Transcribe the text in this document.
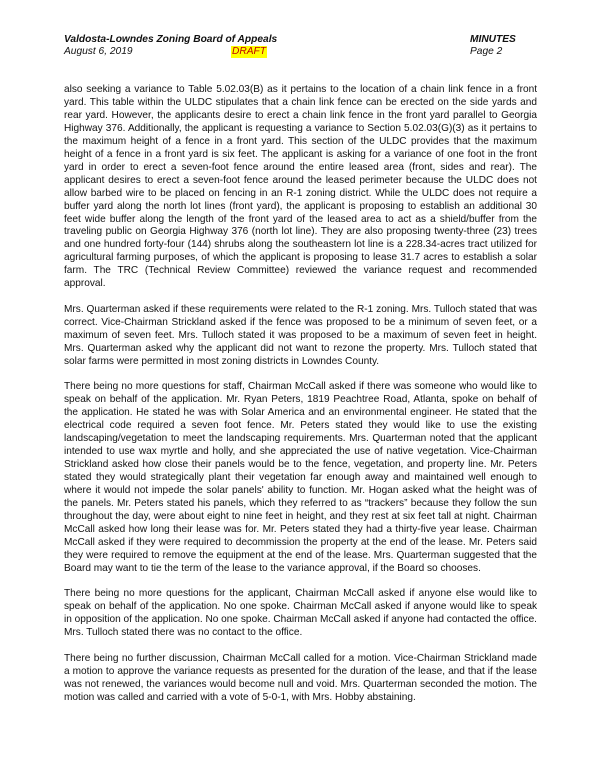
Valdosta-Lowndes Zoning Board of Appeals	MINUTES
August 6, 2019	DRAFT	Page 2

also seeking a variance to Table 5.02.03(B) as it pertains to the location of a chain link fence in a front yard. This table within the ULDC stipulates that a chain link fence can be erected on the side yards and rear yard. However, the applicants desire to erect a chain link fence in the front yard parallel to Georgia Highway 376. Additionally, the applicant is requesting a variance to Section 5.02.03(G)(3) as it pertains to the maximum height of a fence in a front yard. This section of the ULDC provides that the maximum height of a fence in a front yard is six feet. The applicant is asking for a variance of one foot in the front yard in order to erect a seven-foot fence around the entire leased area (front, sides and rear). The applicant desires to erect a seven-foot fence around the leased perimeter because the ULDC does not allow barbed wire to be placed on fencing in an R-1 zoning district. While the ULDC does not require a buffer yard along the north lot lines (front yard), the applicant is proposing to establish an additional 30 feet wide buffer along the length of the front yard of the leased area to act as a shield/buffer from the traveling public on Georgia Highway 376 (north lot line). They are also proposing twenty-three (23) trees and one hundred forty-four (144) shrubs along the southeastern lot line is a 228.34-acres tract utilized for agricultural farming purposes, of which the applicant is proposing to lease 31.7 acres to establish a solar farm. The TRC (Technical Review Committee) reviewed the variance request and recommended approval.

Mrs. Quarterman asked if these requirements were related to the R-1 zoning. Mrs. Tulloch stated that was correct. Vice-Chairman Strickland asked if the fence was proposed to be a minimum of seven feet, or a maximum of seven feet. Mrs. Tulloch stated it was proposed to be a maximum of seven feet in height. Mrs. Quarterman asked why the applicant did not want to rezone the property. Mrs. Tulloch stated that solar farms were permitted in most zoning districts in Lowndes County.

There being no more questions for staff, Chairman McCall asked if there was someone who would like to speak on behalf of the application. Mr. Ryan Peters, 1819 Peachtree Road, Atlanta, spoke on behalf of the application. He stated he was with Solar America and an environmental engineer. He stated that the electrical code required a seven foot fence. Mr. Peters stated they would like to use the existing landscaping/vegetation to meet the landscaping requirements. Mrs. Quarterman noted that the applicant intended to use wax myrtle and holly, and she appreciated the use of native vegetation. Vice-Chairman Strickland asked how close their panels would be to the fence, vegetation, and property line. Mr. Peters stated they would strategically plant their vegetation far enough away and maintained well enough to where it would not impede the solar panels' ability to function. Mr. Hogan asked what the height was of the panels. Mr. Peters stated his panels, which they referred to as “trackers” because they follow the sun throughout the day, were about eight to nine feet in height, and they rest at six feet tall at night. Chairman McCall asked how long their lease was for. Mr. Peters stated they had a thirty-five year lease. Chairman McCall asked if they were required to decommission the property at the end of the lease. Mr. Peters said they were required to remove the equipment at the end of the lease. Mrs. Quarterman suggested that the Board may want to tie the term of the lease to the variance approval, if the Board so chooses.

There being no more questions for the applicant, Chairman McCall asked if anyone else would like to speak on behalf of the application. No one spoke. Chairman McCall asked if anyone would like to speak in opposition of the application. No one spoke. Chairman McCall asked if anyone had contacted the office. Mrs. Tulloch stated there was no contact to the office.

There being no further discussion, Chairman McCall called for a motion. Vice-Chairman Strickland made a motion to approve the variance requests as presented for the duration of the lease, and that if the lease was not renewed, the variances would become null and void. Mrs. Quarterman seconded the motion. The motion was called and carried with a vote of 5-0-1, with Mrs. Hobby abstaining.
